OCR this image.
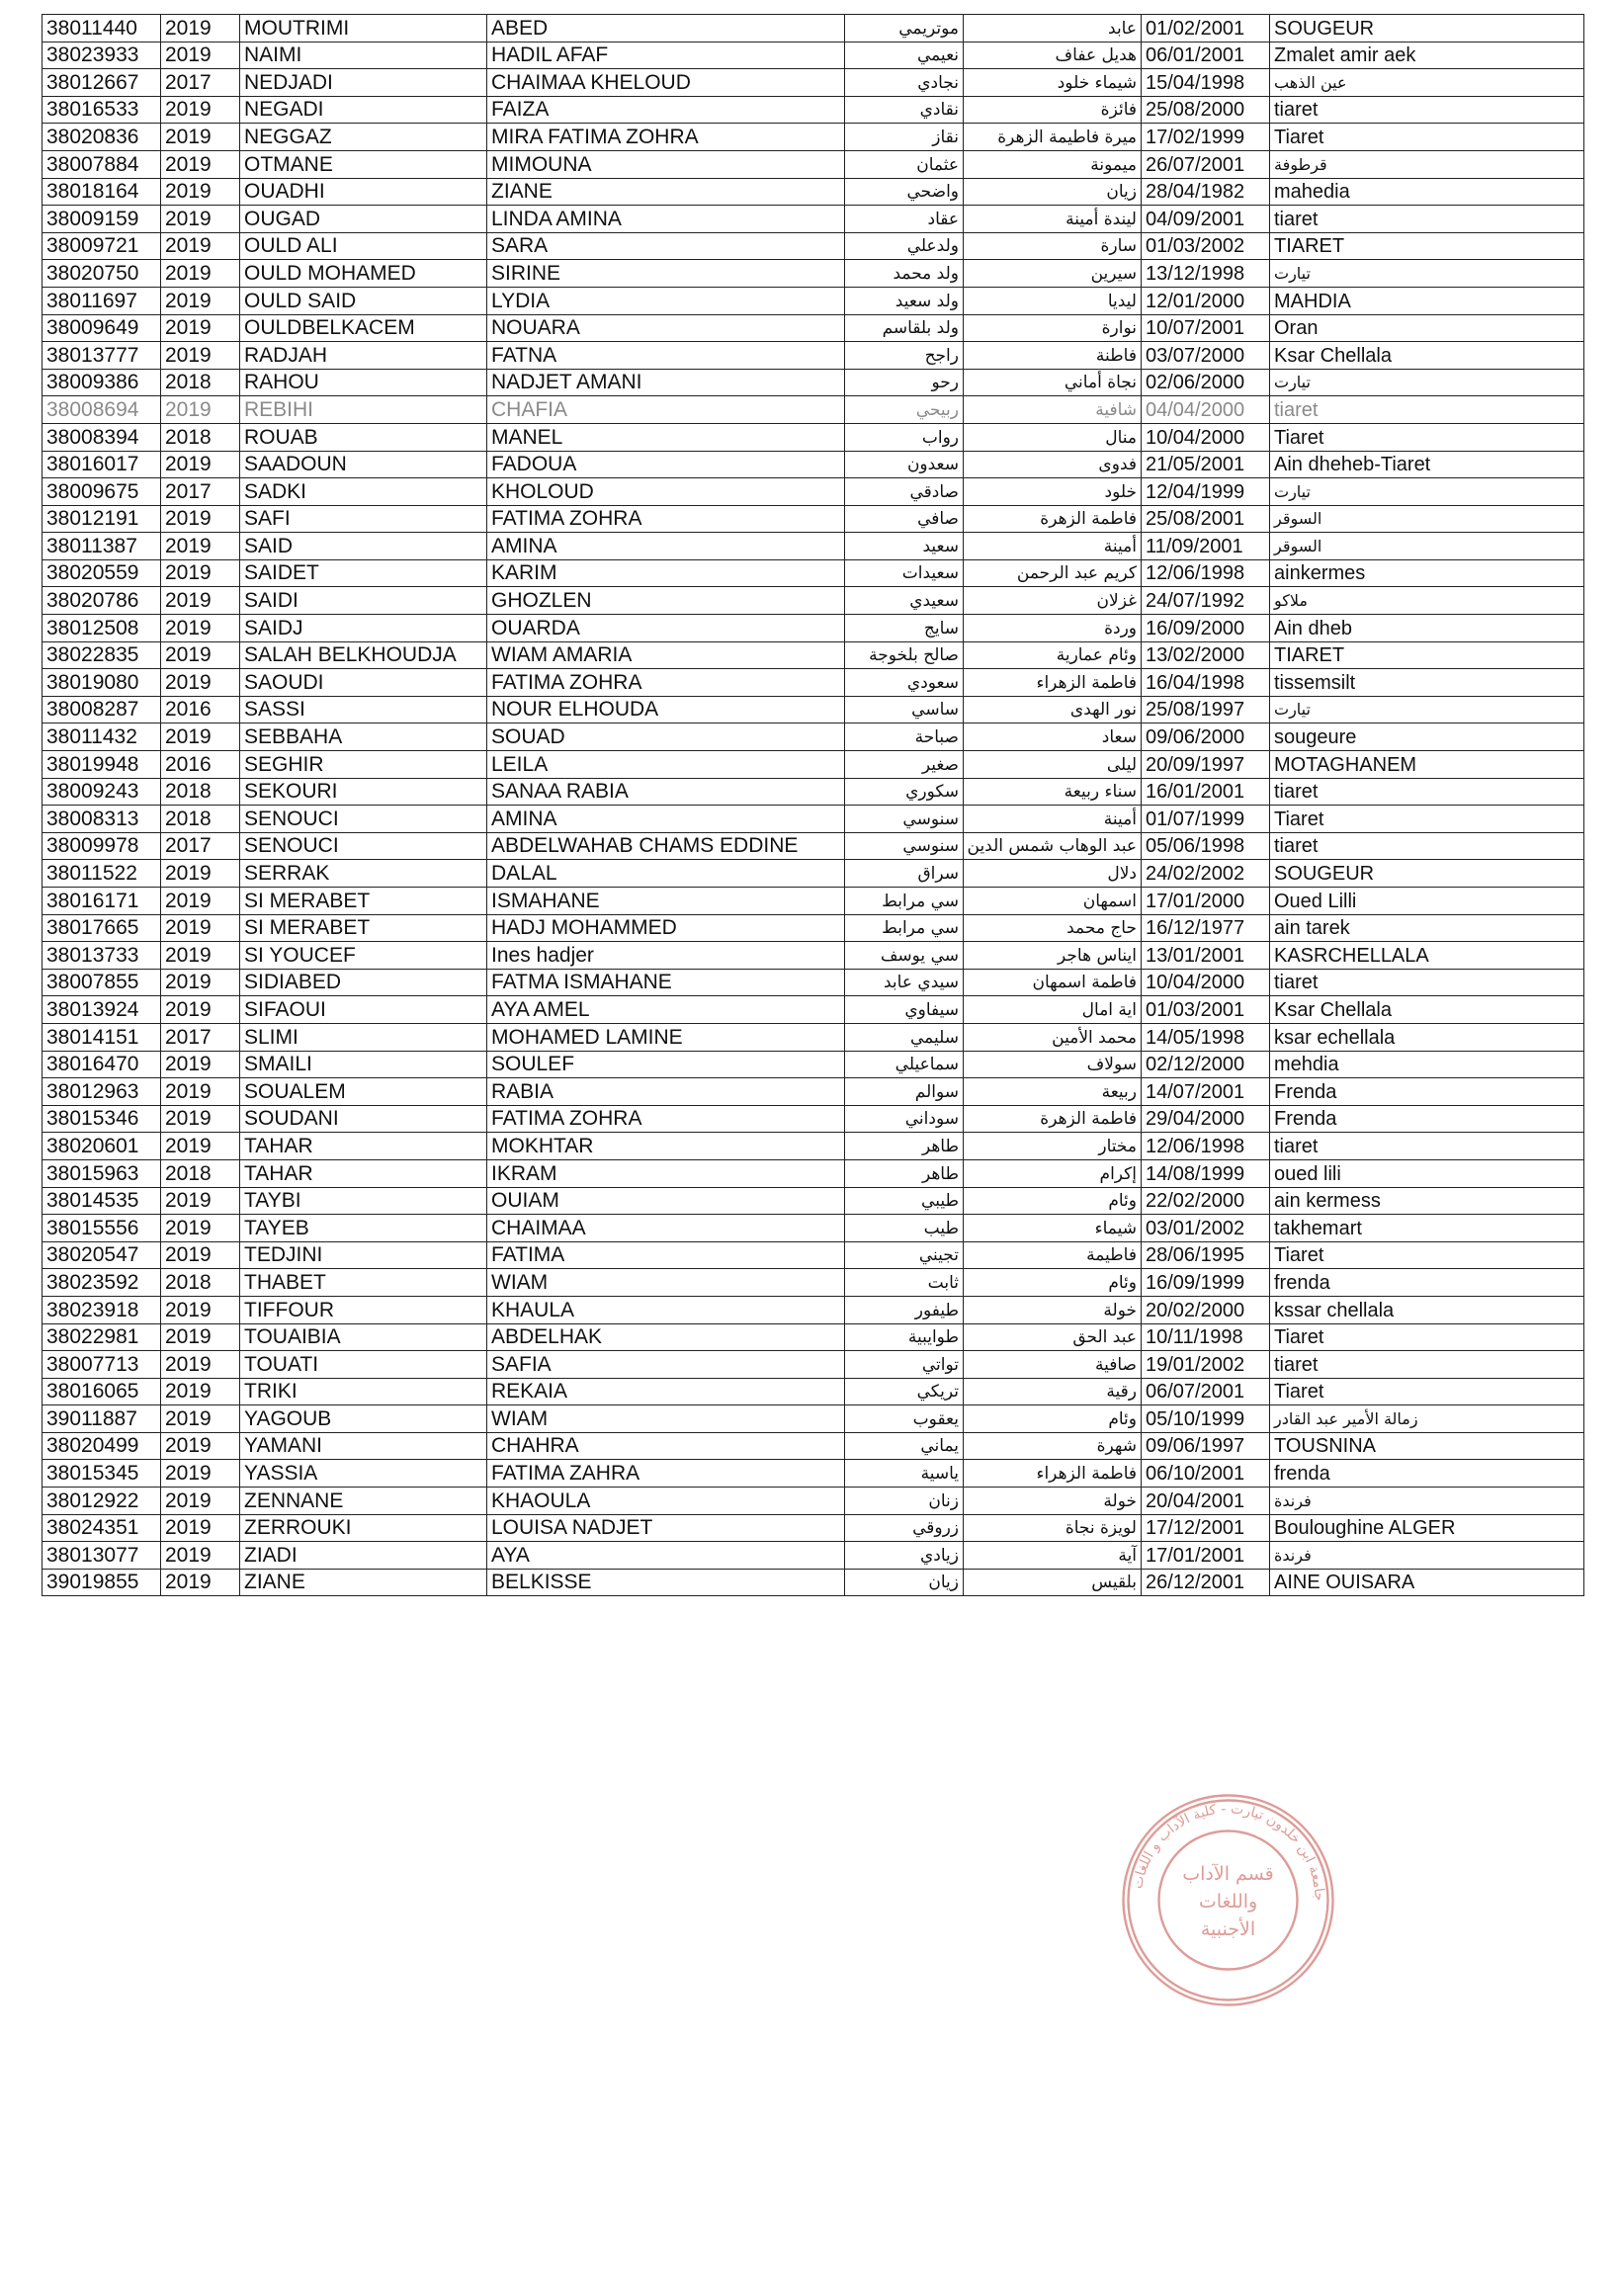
38011440	2019	MOUTRIMI	ABED	موتريمي	عابد	01/02/2001	SOUGEUR
38023933	2019	NAIMI	HADIL AFAF	نعيمي	هديل عفاف	06/01/2001	Zmalet amir aek
38012667	2017	NEDJADI	CHAIMAA KHELOUD	نجادي	شيماء خلود	15/04/1998	عين الذهب
38016533	2019	NEGADI	FAIZA	نقادي	فائزة	25/08/2000	tiaret
38020836	2019	NEGGAZ	MIRA FATIMA ZOHRA	نقاز	ميرة فاطيمة الزهرة	17/02/1999	Tiaret
38007884	2019	OTMANE	MIMOUNA	عثمان	ميمونة	26/07/2001	قرطوفة
38018164	2019	OUADHI	ZIANE	واضحي	زيان	28/04/1982	mahedia
38009159	2019	OUGAD	LINDA AMINA	عقاد	ليندة أمينة	04/09/2001	tiaret
38009721	2019	OULD ALI	SARA	ولدعلي	سارة	01/03/2002	TIARET
38020750	2019	OULD MOHAMED	SIRINE	ولد محمد	سيرين	13/12/1998	تيارت
38011697	2019	OULD SAID	LYDIA	ولد سعيد	ليديا	12/01/2000	MAHDIA
38009649	2019	OULDBELKACEM	NOUARA	ولد بلقاسم	نوارة	10/07/2001	Oran
38013777	2019	RADJAH	FATNA	راجح	فاطنة	03/07/2000	Ksar Chellala
38009386	2018	RAHOU	NADJET AMANI	رحو	نجاة أماني	02/06/2000	تيارت
38008694	2019	REBIHI	CHAFIA	ربيحي	شافية	04/04/2000	tiaret
38008394	2018	ROUAB	MANEL	رواب	منال	10/04/2000	Tiaret
38016017	2019	SAADOUN	FADOUA	سعدون	فدوى	21/05/2001	Ain dheheb-Tiaret
38009675	2017	SADKI	KHOLOUD	صادقي	خلود	12/04/1999	تيارت
38012191	2019	SAFI	FATIMA ZOHRA	صافي	فاطمة الزهرة	25/08/2001	السوقر
38011387	2019	SAID	AMINA	سعيد	أمينة	11/09/2001	السوقر
38020559	2019	SAIDET	KARIM	سعيدات	كريم عبد الرحمن	12/06/1998	ainkermes
38020786	2019	SAIDI	GHOZLEN	سعيدي	غزلان	24/07/1992	ملاكو
38012508	2019	SAIDJ	OUARDA	سايج	وردة	16/09/2000	Ain dheb
38022835	2019	SALAH BELKHOUDJA	WIAM AMARIA	صالح بلخوجة	وئام عمارية	13/02/2000	TIARET
38019080	2019	SAOUDI	FATIMA ZOHRA	سعودي	فاطمة الزهراء	16/04/1998	tissemsilt
38008287	2016	SASSI	NOUR ELHOUDA	ساسي	نور الهدى	25/08/1997	تيارت
38011432	2019	SEBBAHA	SOUAD	صباحة	سعاد	09/06/2000	sougeure
38019948	2016	SEGHIR	LEILA	صغير	ليلى	20/09/1997	MOTAGHANEM
38009243	2018	SEKOURI	SANAA RABIA	سكوري	سناء ربيعة	16/01/2001	tiaret
38008313	2018	SENOUCI	AMINA	سنوسي	أمينة	01/07/1999	Tiaret
38009978	2017	SENOUCI	ABDELWAHAB CHAMS EDDINE	سنوسي	عبد الوهاب شمس الدين	05/06/1998	tiaret
38011522	2019	SERRAK	DALAL	سراق	دلال	24/02/2002	SOUGEUR
38016171	2019	SI MERABET	ISMAHANE	سي مرابط	اسمهان	17/01/2000	Oued Lilli
38017665	2019	SI MERABET	HADJ MOHAMMED	سي مرابط	حاج محمد	16/12/1977	ain tarek
38013733	2019	SI YOUCEF	Ines hadjer	سي يوسف	ايناس هاجر	13/01/2001	KASRCHELLALA
38007855	2019	SIDIABED	FATMA ISMAHANE	سيدي عابد	فاطمة اسمهان	10/04/2000	tiaret
38013924	2019	SIFAOUI	AYA AMEL	سيفاوي	اية امال	01/03/2001	Ksar Chellala
38014151	2017	SLIMI	MOHAMED LAMINE	سليمي	محمد الأمين	14/05/1998	ksar echellala
38016470	2019	SMAILI	SOULEF	سماعيلي	سولاف	02/12/2000	mehdia
38012963	2019	SOUALEM	RABIA	سوالم	ربيعة	14/07/2001	Frenda
38015346	2019	SOUDANI	FATIMA ZOHRA	سوداني	فاطمة الزهرة	29/04/2000	Frenda
38020601	2019	TAHAR	MOKHTAR	طاهر	مختار	12/06/1998	tiaret
38015963	2018	TAHAR	IKRAM	طاهر	إكرام	14/08/1999	oued lili
38014535	2019	TAYBI	OUIAM	طيبي	وئام	22/02/2000	ain kermess
38015556	2019	TAYEB	CHAIMAA	طيب	شيماء	03/01/2002	takhemart
38020547	2019	TEDJINI	FATIMA	تجيني	فاطيمة	28/06/1995	Tiaret
38023592	2018	THABET	WIAM	ثابت	وئام	16/09/1999	frenda
38023918	2019	TIFFOUR	KHAULA	طيفور	خولة	20/02/2000	kssar chellala
38022981	2019	TOUAIBIA	ABDELHAK	طوايبية	عبد الحق	10/11/1998	Tiaret
38007713	2019	TOUATI	SAFIA	تواتي	صافية	19/01/2002	tiaret
38016065	2019	TRIKI	REKAIA	تريكي	رقية	06/07/2001	Tiaret
39011887	2019	YAGOUB	WIAM	يعقوب	وئام	05/10/1999	زمالة الأمير عبد القادر
38020499	2019	YAMANI	CHAHRA	يماني	شهرة	09/06/1997	TOUSNINA
38015345	2019	YASSIA	FATIMA ZAHRA	ياسية	فاطمة الزهراء	06/10/2001	frenda
38012922	2019	ZENNANE	KHAOULA	زنان	خولة	20/04/2001	فرندة
38024351	2019	ZERROUKI	LOUISA NADJET	زروقي	لويزة نجاة	17/12/2001	Bouloughine ALGER
38013077	2019	ZIADI	AYA	زيادي	آية	17/01/2001	فرندة
39019855	2019	ZIANE	BELKISSE	زيان	بلقيس	26/12/2001	AINE OUISARA
جامعة ابن خلدون تيارت - كلية الآداب و اللغات
قسم الآداب
واللغات
الأجنبية
